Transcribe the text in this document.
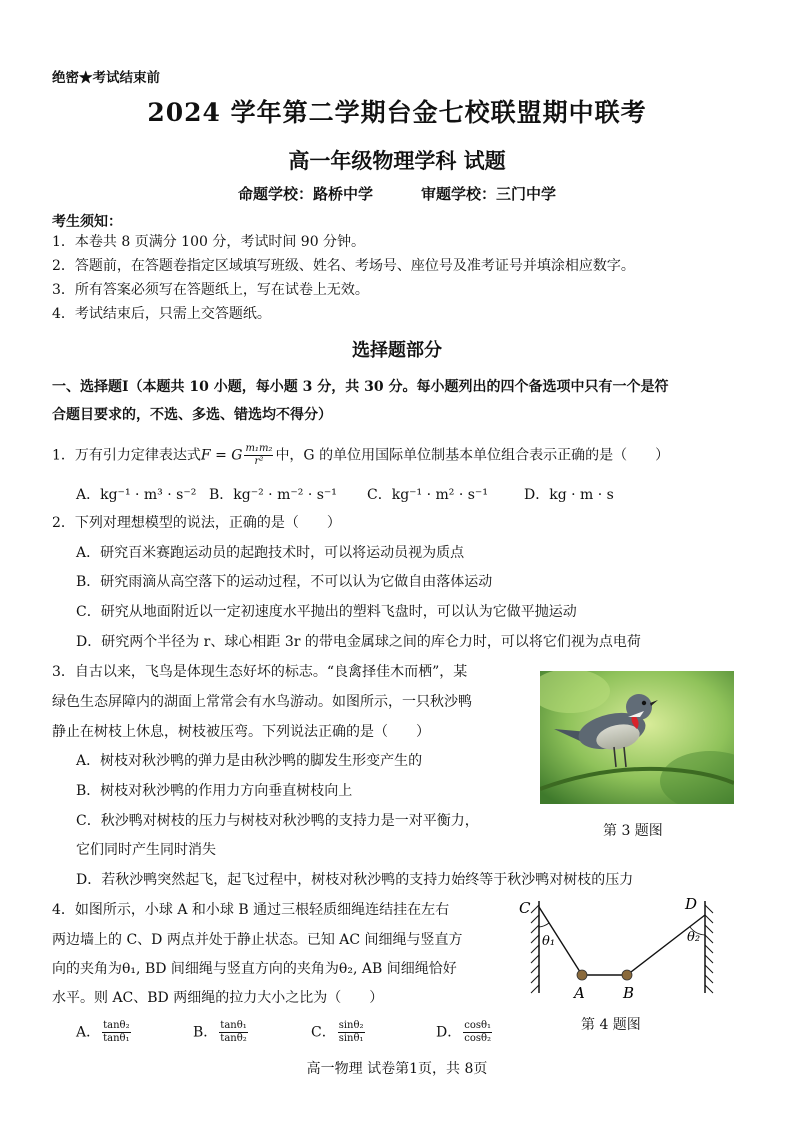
绝密★考试结束前
2024 学年第二学期台金七校联盟期中联考
高一年级物理学科 试题
命题学校：路桥中学	审题学校：三门中学
考生须知：
1．本卷共 8 页满分 100 分，考试时间 90 分钟。
2．答题前，在答题卷指定区域填写班级、姓名、考场号、座位号及准考证号并填涂相应数字。
3．所有答案必须写在答题纸上，写在试卷上无效。
4．考试结束后，只需上交答题纸。
选择题部分
一、选择题Ⅰ（本题共 10 小题，每小题 3 分，共 30 分。每小题列出的四个备选项中只有一个是符
合题目要求的，不选、多选、错选均不得分）
1．万有引力定律表达式F = G $\frac{\text{m₁m₂}}{\text{r²}}$ 中，G 的单位用国际单位制基本单位组合表示正确的是（　　）
A．kg⁻¹ · m³ · s⁻² B．kg⁻² · m⁻² · s⁻¹ C．kg⁻¹ · m² · s⁻¹	D．kg · m · s
2．下列对理想模型的说法，正确的是（　　）
A．研究百米赛跑运动员的起跑技术时，可以将运动员视为质点
B．研究雨滴从高空落下的运动过程，不可以认为它做自由落体运动
C．研究从地面附近以一定初速度水平抛出的塑料飞盘时，可以认为它做平抛运动
D．研究两个半径为 r、球心相距 3r 的带电金属球之间的库仑力时，可以将它们视为点电荷
3．自古以来，飞鸟是体现生态好坏的标志。“良禽择佳木而栖”，某
绿色生态屏障内的湖面上常常会有水鸟游动。如图所示，一只秋沙鸭
静止在树枝上休息，树枝被压弯。下列说法正确的是（　　）
A．树枝对秋沙鸭的弹力是由秋沙鸭的脚发生形变产生的
B．树枝对秋沙鸭的作用力方向垂直树枝向上
C．秋沙鸭对树枝的压力与树枝对秋沙鸭的支持力是一对平衡力，
它们同时产生同时消失
D．若秋沙鸭突然起飞，起飞过程中，树枝对秋沙鸭的支持力始终等于秋沙鸭对树枝的压力
第 3 题图
4．如图所示，小球 A 和小球 B 通过三根轻质细绳连结挂在左右
两边墙上的 C、D 两点并处于静止状态。已知 AC 间细绳与竖直方
向的夹角为θ₁, BD 间细绳与竖直方向的夹角为θ₂, AB 间细绳恰好
水平。则 AC、BD 两细绳的拉力大小之比为（　　）
A． $\frac{\text{tanθ₂}}{\text{tanθ₁}}$	B． $\frac{\text{tanθ₁}}{\text{tanθ₂}}$	C． $\frac{\text{sinθ₂}}{\text{sinθ₁}}$	D． $\frac{\text{cosθ₁}}{\text{cosθ₂}}$
C	D
θ₁	θ₂
A	B
第 4 题图
高一物理 试卷第1页，共 8页
